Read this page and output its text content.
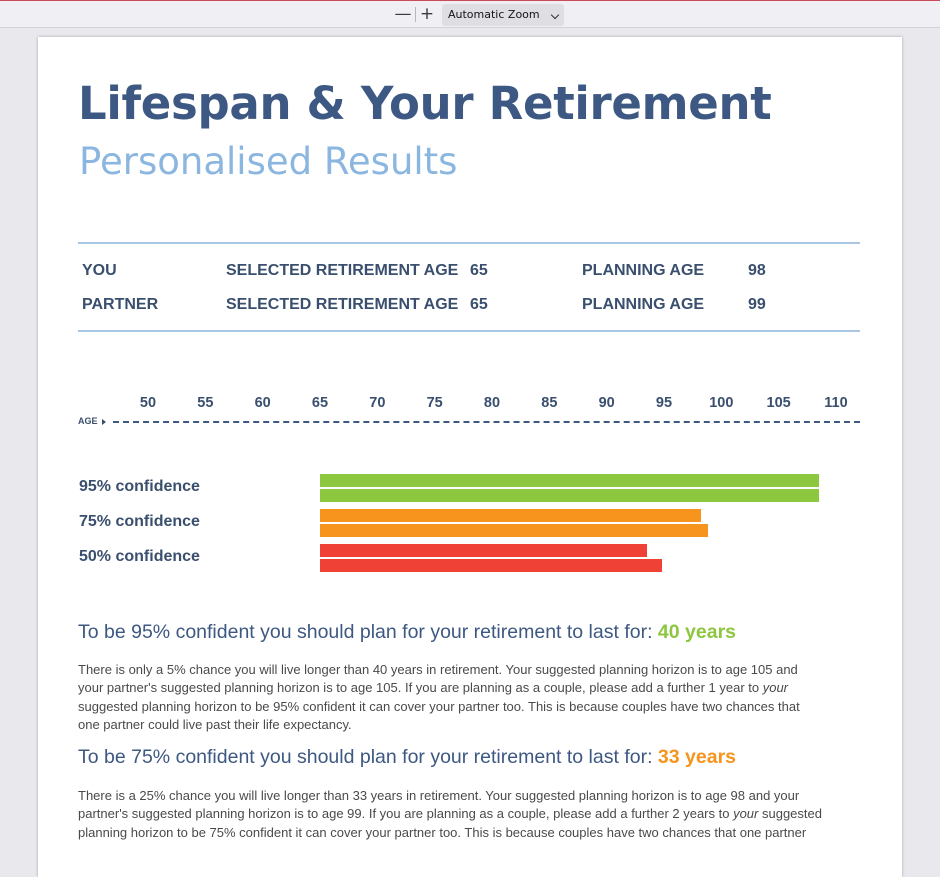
— +	Automatic Zoom
Lifespan & Your Retirement
Personalised Results
YOU	SELECTED RETIREMENT AGE 65	PLANNING AGE	98
PARTNER	SELECTED RETIREMENT AGE 65	PLANNING AGE	99
50	55	60	65	70	75	80	85	90	95	100 105 110
AGE
95% confidence
75% confidence
50% confidence
To be 95% confident you should plan for your retirement to last for: 40 years
There is only a 5% chance you will live longer than 40 years in retirement. Your suggested planning horizon is to age 105 and
your partner's suggested planning horizon is to age 105. If you are planning as a couple, please add a further 1 year to your
suggested planning horizon to be 95% confident it can cover your partner too. This is because couples have two chances that
one partner could live past their life expectancy.
To be 75% confident you should plan for your retirement to last for: 33 years
There is a 25% chance you will live longer than 33 years in retirement. Your suggested planning horizon is to age 98 and your
partner's suggested planning horizon is to age 99. If you are planning as a couple, please add a further 2 years to your suggested
planning horizon to be 75% confident it can cover your partner too. This is because couples have two chances that one partner
